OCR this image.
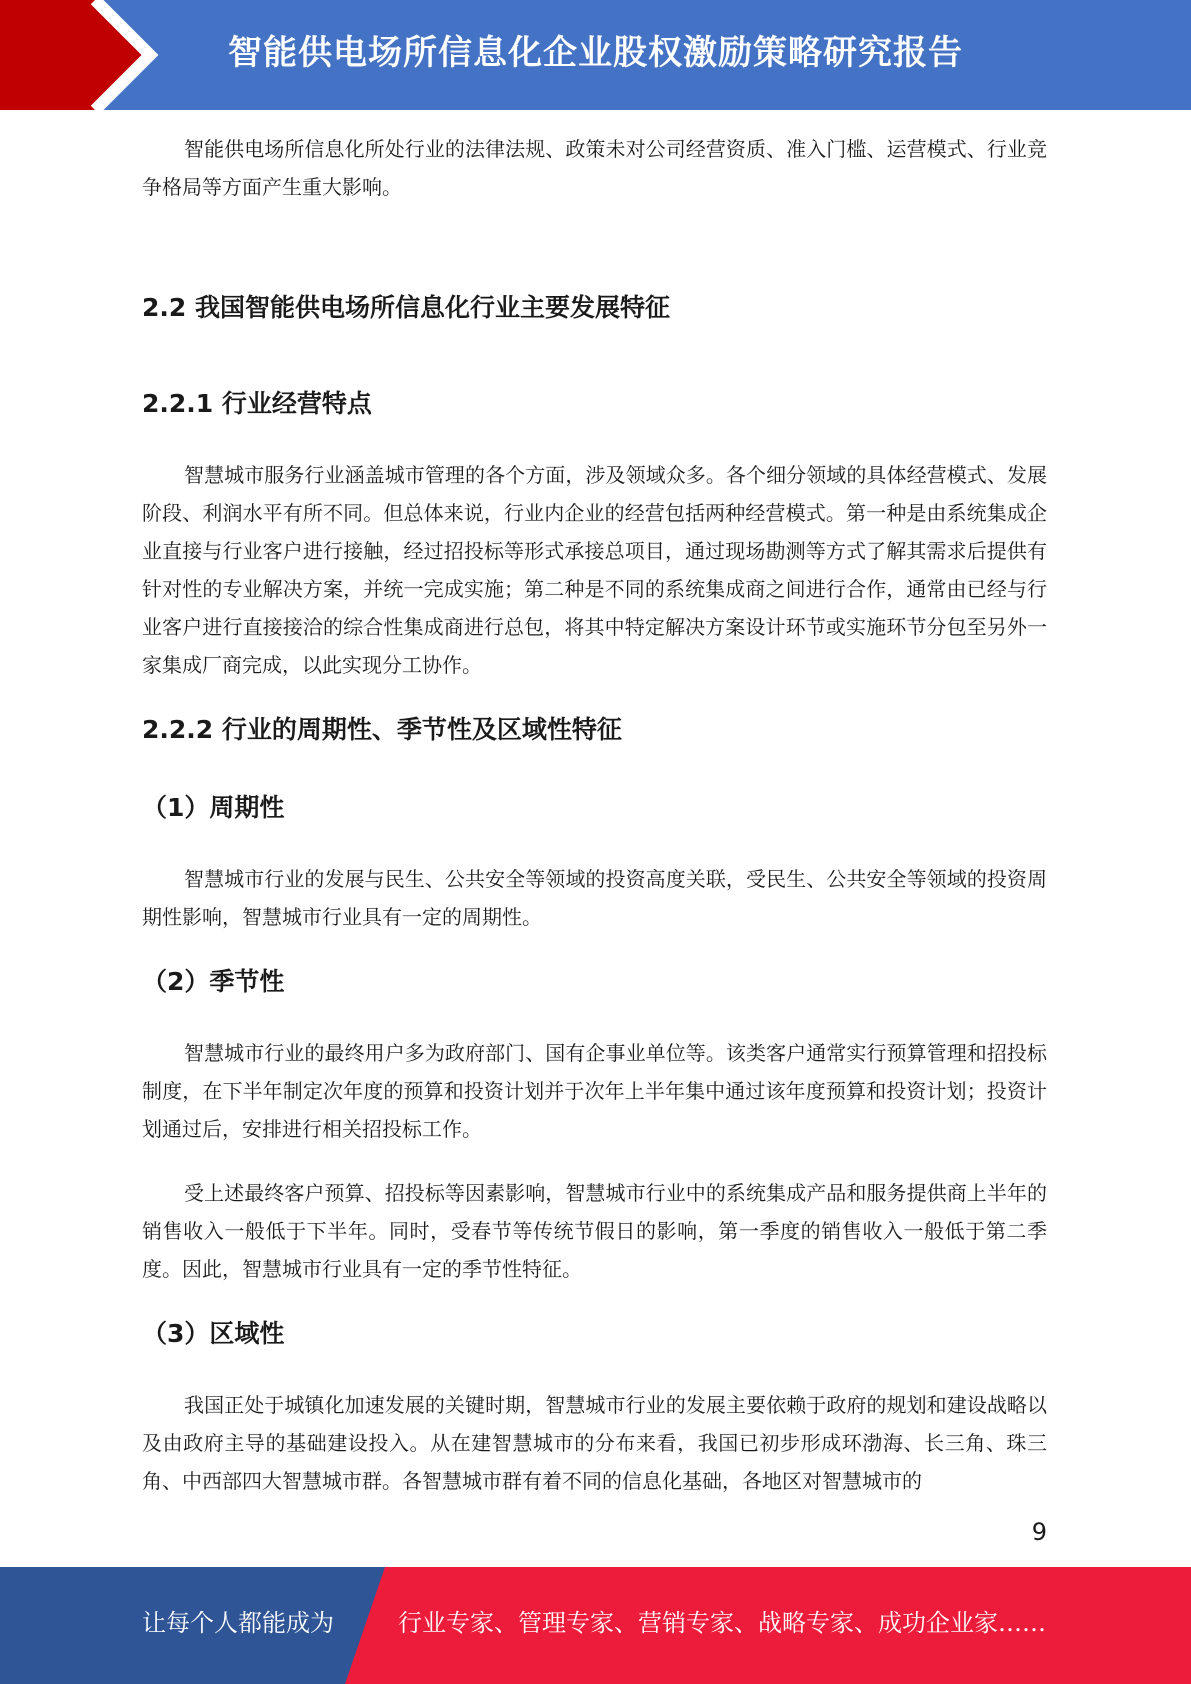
智能供电场所信息化企业股权激励策略研究报告

智能供电场所信息化所处行业的法律法规、政策未对公司经营资质、准入门槛、运营模式、行业竞争格局等方面产生重大影响。

2.2 我国智能供电场所信息化行业主要发展特征
2.2.1 行业经营特点

智慧城市服务行业涵盖城市管理的各个方面，涉及领域众多。各个细分领域的具体经营模式、发展阶段、利润水平有所不同。但总体来说，行业内企业的经营包括两种经营模式。第一种是由系统集成企业直接与行业客户进行接触，经过招投标等形式承接总项目，通过现场勘测等方式了解其需求后提供有针对性的专业解决方案，并统一完成实施；第二种是不同的系统集成商之间进行合作，通常由已经与行业客户进行直接接洽的综合性集成商进行总包，将其中特定解决方案设计环节或实施环节分包至另外一家集成厂商完成，以此实现分工协作。

2.2.2 行业的周期性、季节性及区域性特征
（1）周期性

智慧城市行业的发展与民生、公共安全等领域的投资高度关联，受民生、公共安全等领域的投资周期性影响，智慧城市行业具有一定的周期性。

（2）季节性

智慧城市行业的最终用户多为政府部门、国有企事业单位等。该类客户通常实行预算管理和招投标制度，在下半年制定次年度的预算和投资计划并于次年上半年集中通过该年度预算和投资计划；投资计划通过后，安排进行相关招投标工作。

受上述最终客户预算、招投标等因素影响，智慧城市行业中的系统集成产品和服务提供商上半年的销售收入一般低于下半年。同时，受春节等传统节假日的影响，第一季度的销售收入一般低于第二季度。因此，智慧城市行业具有一定的季节性特征。

（3）区域性

我国正处于城镇化加速发展的关键时期，智慧城市行业的发展主要依赖于政府的规划和建设战略以及由政府主导的基础建设投入。从在建智慧城市的分布来看，我国已初步形成环渤海、长三角、珠三角、中西部四大智慧城市群。各智慧城市群有着不同的信息化基础，各地区对智慧城市的

9
让每个人都能成为	行业专家、管理专家、营销专家、战略专家、成功企业家……
